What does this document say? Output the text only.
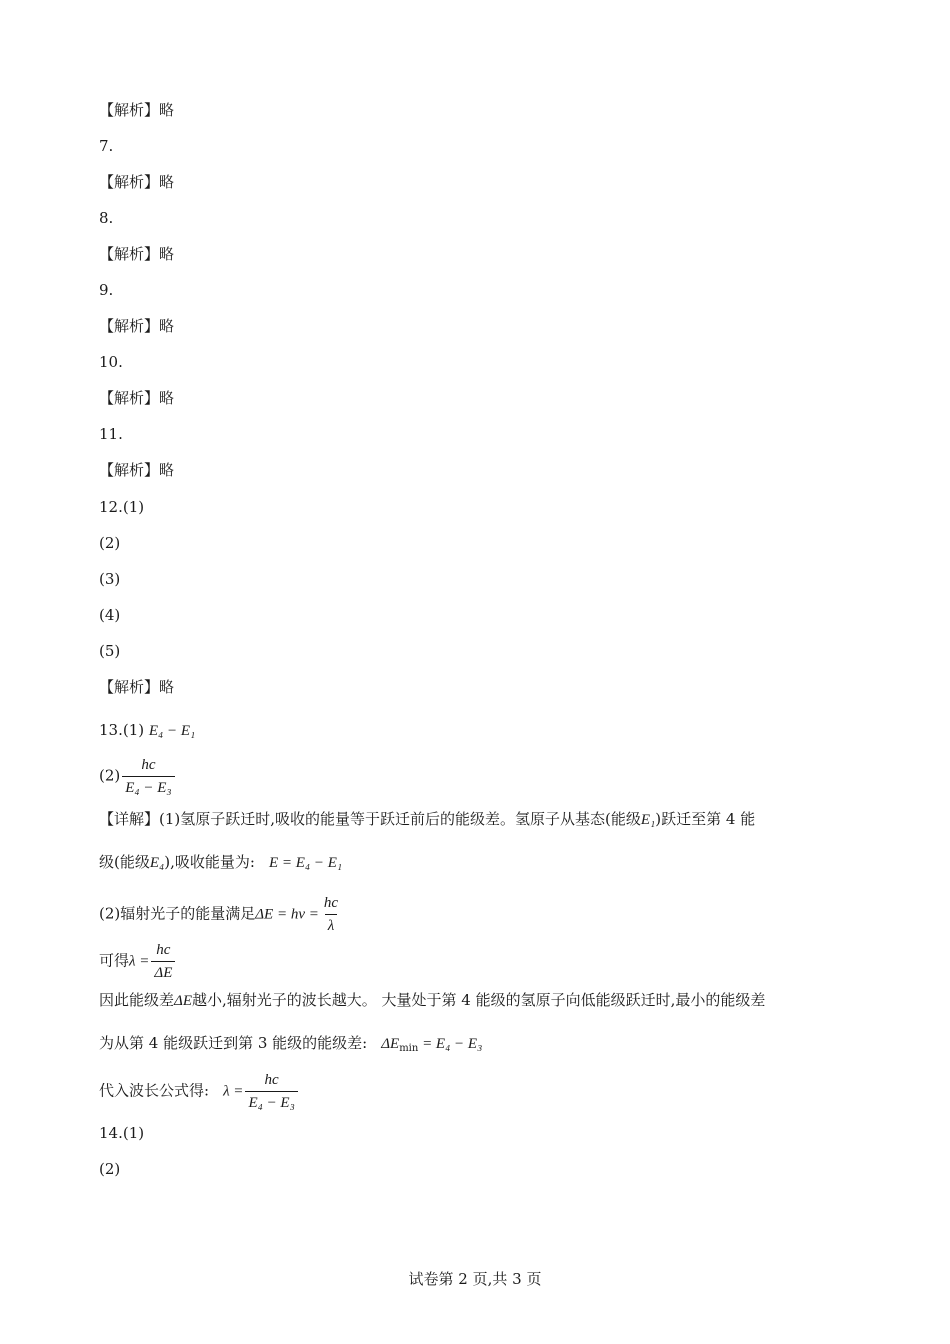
【解析】略
7.
【解析】略
8.
【解析】略
9.
【解析】略
10.
【解析】略
11.
【解析】略
12.(1)
(2)
(3)
(4)
(5)
【解析】略
13.(1) E₄ − E₁
$(2) \frac{hc}{\text{E₄ − E₃}}$
【详解】(1)氢原子跃迁时,吸收的能量等于跃迁前后的能级差。氢原子从基态(能级E₁)跃迁至第 4 能
级(能级E₄),吸收能量为: E = E₄ − E₁
(2)辐射光子的能量满足$\Delta E = h\nu = \frac{hc}{\lambda}$
可得$\lambda = \frac{hc}{\Delta E}$
因此能级差ΔE越小,辐射光子的波长越大。 大量处于第 4 能级的氢原子向低能级跃迁时,最小的能级差
为从第 4 能级跃迁到第 3 能级的能级差: $\Delta E_{min} = E_4 - E_3$
代入波长公式得: $\lambda = \frac{hc}{\text{E₄ − E₃}}$
14.(1)
(2)
试卷第 2 页,共 3 页
